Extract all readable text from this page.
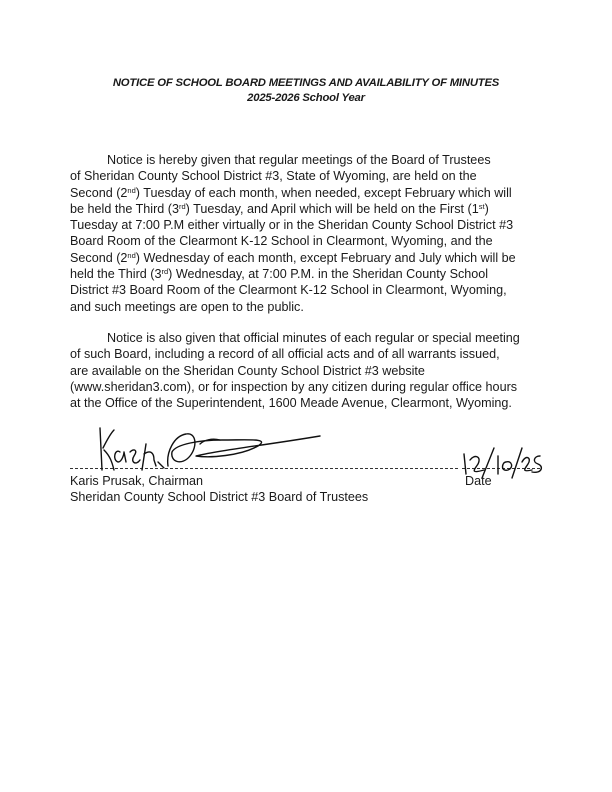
NOTICE OF SCHOOL BOARD MEETINGS AND AVAILABILITY OF MINUTES
2025-2026 School Year
Notice is hereby given that regular meetings of the Board of Trustees
of Sheridan County School District #3, State of Wyoming, are held on the
Second (2nd) Tuesday of each month, when needed, except February which will
be held the Third (3rd) Tuesday, and April which will be held on the First (1st)
Tuesday at 7:00 P.M either virtually or in the Sheridan County School District #3
Board Room of the Clearmont K-12 School in Clearmont, Wyoming, and the
Second (2nd) Wednesday of each month, except February and July which will be
held the Third (3rd) Wednesday, at 7:00 P.M. in the Sheridan County School
District #3 Board Room of the Clearmont K-12 School in Clearmont, Wyoming,
and such meetings are open to the public.
Notice is also given that official minutes of each regular or special meeting
of such Board, including a record of all official acts and of all warrants issued,
are available on the Sheridan County School District #3 website
(www.sheridan3.com), or for inspection by any citizen during regular office hours
at the Office of the Superintendent, 1600 Meade Avenue, Clearmont, Wyoming.
Karis Prusak, Chairman
Sheridan County School District #3 Board of Trustees
Date
